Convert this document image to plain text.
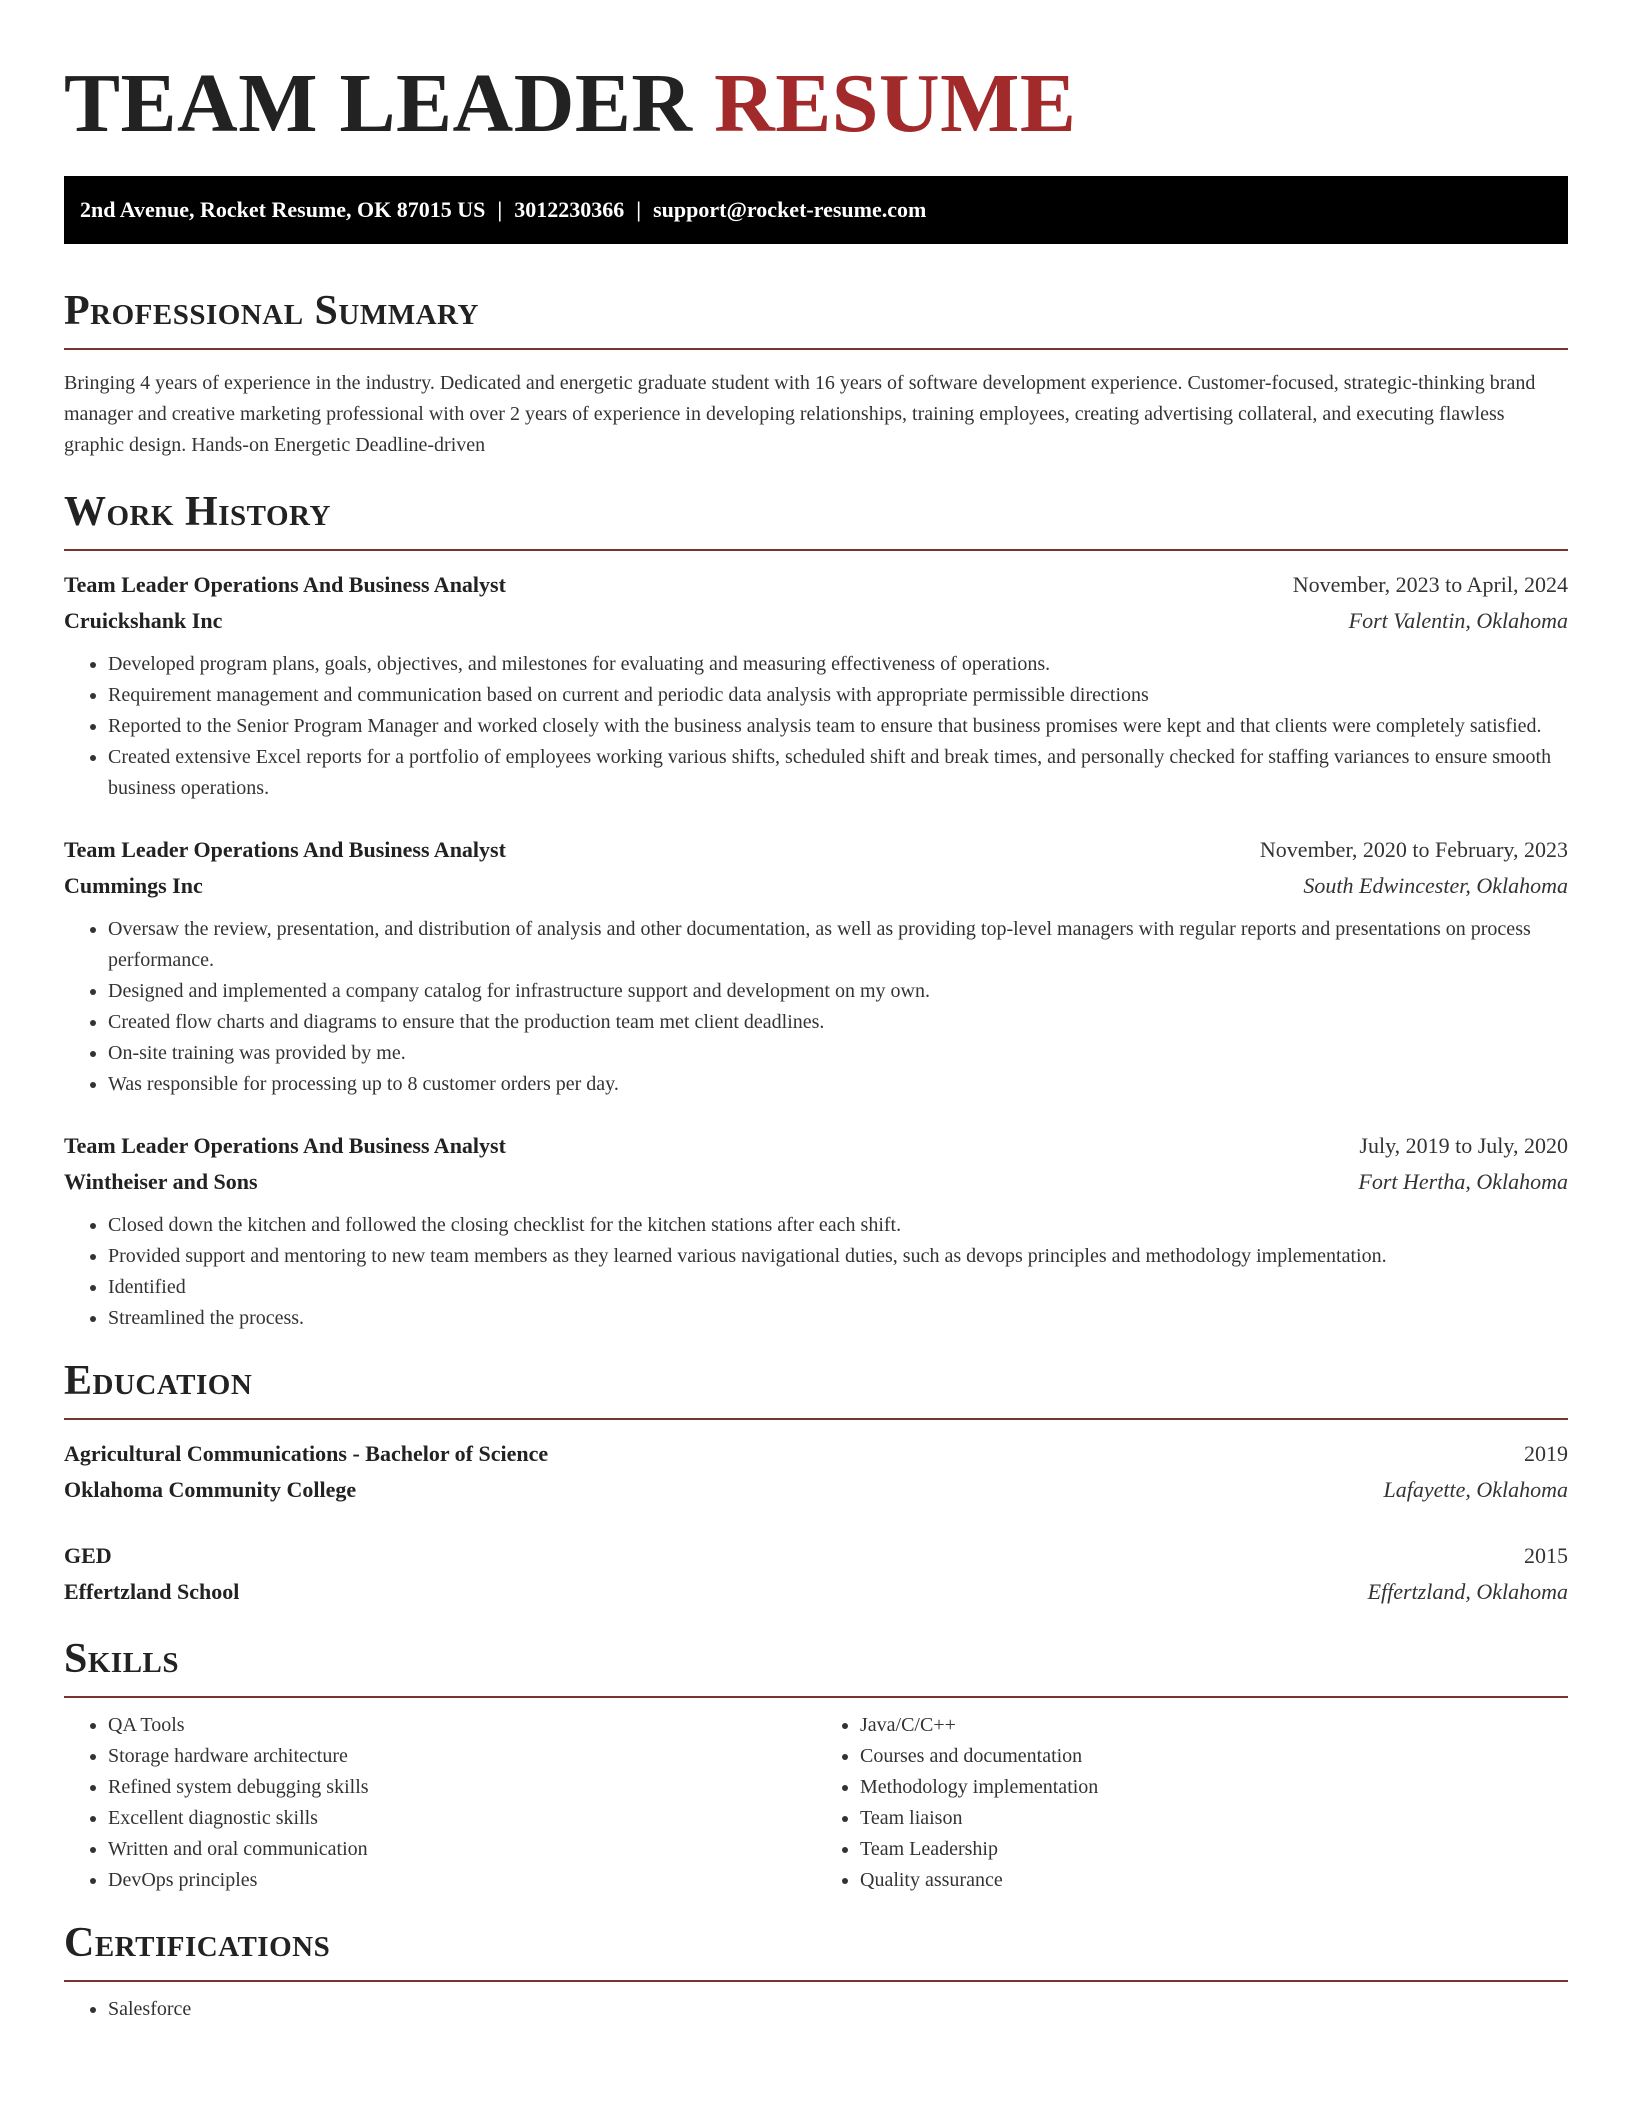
TEAM LEADER RESUME
2nd Avenue, Rocket Resume, OK 87015 US | 3012230366 | support@rocket-resume.com
Professional Summary

Bringing 4 years of experience in the industry. Dedicated and energetic graduate student with 16 years of software development experience. Customer-focused, strategic-thinking brand manager and creative marketing professional with over 2 years of experience in developing relationships, training employees, creating advertising collateral, and executing flawless graphic design. Hands-on Energetic Deadline-driven

Work History
Team Leader Operations And Business Analyst	November, 2023 to April, 2024
Cruickshank Inc	Fort Valentin, Oklahoma
• Developed program plans, goals, objectives, and milestones for evaluating and measuring effectiveness of operations.
• Requirement management and communication based on current and periodic data analysis with appropriate permissible directions
• Reported to the Senior Program Manager and worked closely with the business analysis team to ensure that business promises were kept and that clients were completely satisfied.
• Created extensive Excel reports for a portfolio of employees working various shifts, scheduled shift and break times, and personally checked for staffing variances to ensure smooth business operations.
Team Leader Operations And Business Analyst	November, 2020 to February, 2023
Cummings Inc	South Edwincester, Oklahoma
• Oversaw the review, presentation, and distribution of analysis and other documentation, as well as providing top-level managers with regular reports and presentations on process performance.
• Designed and implemented a company catalog for infrastructure support and development on my own.
• Created flow charts and diagrams to ensure that the production team met client deadlines.
• On-site training was provided by me.
• Was responsible for processing up to 8 customer orders per day.
Team Leader Operations And Business Analyst	July, 2019 to July, 2020
Wintheiser and Sons	Fort Hertha, Oklahoma
• Closed down the kitchen and followed the closing checklist for the kitchen stations after each shift.
• Provided support and mentoring to new team members as they learned various navigational duties, such as devops principles and methodology implementation.
• Identified
• Streamlined the process.
Education
Agricultural Communications - Bachelor of Science	2019
Oklahoma Community College	Lafayette, Oklahoma
GED	2015
Effertzland School	Effertzland, Oklahoma
Skills
• QA Tools
• Storage hardware architecture
• Refined system debugging skills
• Excellent diagnostic skills
• Written and oral communication
• DevOps principles
• Java/C/C++
• Courses and documentation
• Methodology implementation
• Team liaison
• Team Leadership
• Quality assurance
Certifications
• Salesforce
